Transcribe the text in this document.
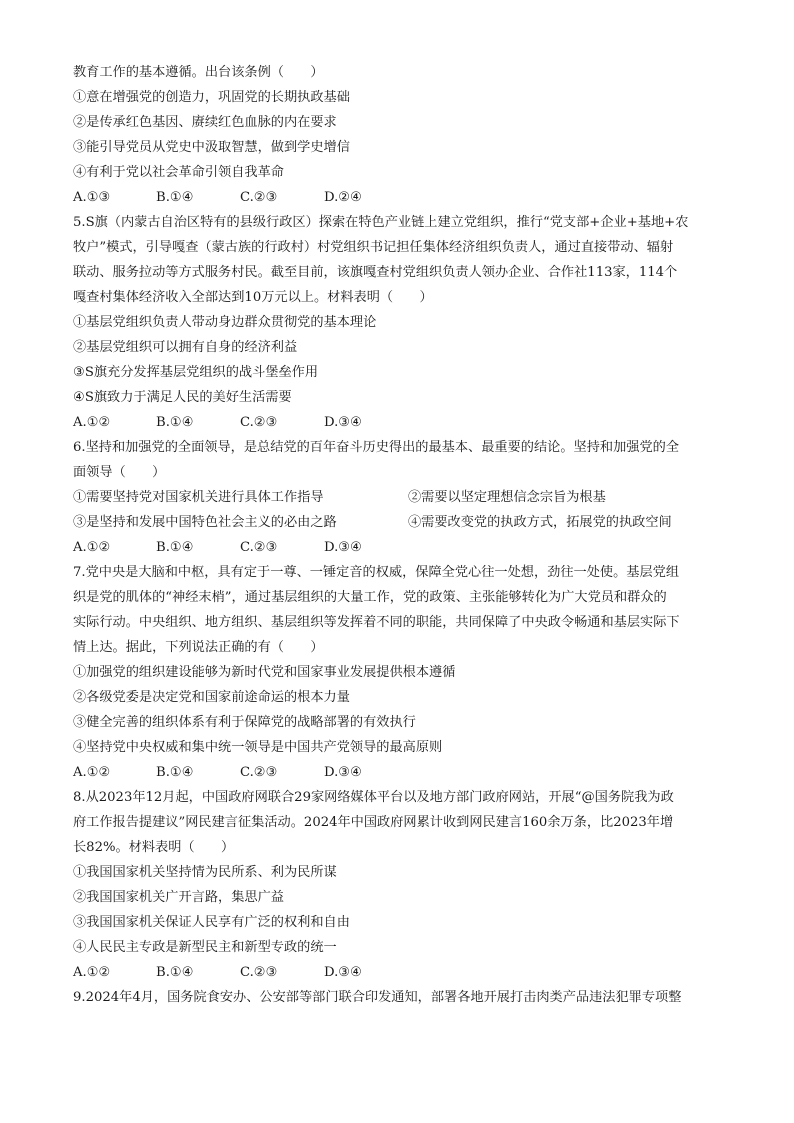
教育工作的基本遵循。出台该条例（　　）
①意在增强党的创造力，巩固党的长期执政基础
②是传承红色基因、赓续红色血脉的内在要求
③能引导党员从党史中汲取智慧，做到学史增信
④有利于党以社会革命引领自我革命
A.①③	B.①④	C.②③	D.②④
5.S旗（内蒙古自治区特有的县级行政区）探索在特色产业链上建立党组织，推行“党支部+企业+基地+农
牧户”模式，引导嘎查（蒙古族的行政村）村党组织书记担任集体经济组织负责人，通过直接带动、辐射
联动、服务拉动等方式服务村民。截至目前，该旗嘎查村党组织负责人领办企业、合作社113家，114个
嘎查村集体经济收入全部达到10万元以上。材料表明（　　）
①基层党组织负责人带动身边群众贯彻党的基本理论
②基层党组织可以拥有自身的经济利益
③S旗充分发挥基层党组织的战斗堡垒作用
④S旗致力于满足人民的美好生活需要
A.①②	B.①④	C.②③	D.③④
6.坚持和加强党的全面领导，是总结党的百年奋斗历史得出的最基本、最重要的结论。坚持和加强党的全
面领导（　　）
①需要坚持党对国家机关进行具体工作指导	②需要以坚定理想信念宗旨为根基
③是坚持和发展中国特色社会主义的必由之路	④需要改变党的执政方式，拓展党的执政空间
A.①②	B.①④	C.②③	D.③④
7.党中央是大脑和中枢，具有定于一尊、一锤定音的权威，保障全党心往一处想，劲往一处使。基层党组
织是党的肌体的“神经末梢”，通过基层组织的大量工作，党的政策、主张能够转化为广大党员和群众的
实际行动。中央组织、地方组织、基层组织等发挥着不同的职能，共同保障了中央政令畅通和基层实际下
情上达。据此，下列说法正确的有（　　）
①加强党的组织建设能够为新时代党和国家事业发展提供根本遵循
②各级党委是决定党和国家前途命运的根本力量
③健全完善的组织体系有利于保障党的战略部署的有效执行
④坚持党中央权威和集中统一领导是中国共产党领导的最高原则
A.①②	B.①④	C.②③	D.③④
8.从2023年12月起，中国政府网联合29家网络媒体平台以及地方部门政府网站，开展“@国务院我为政
府工作报告提建议”网民建言征集活动。2024年中国政府网累计收到网民建言160余万条，比2023年增
长82%。材料表明（　　）
①我国国家机关坚持情为民所系、利为民所谋
②我国国家机关广开言路，集思广益
③我国国家机关保证人民享有广泛的权利和自由
④人民民主专政是新型民主和新型专政的统一
A.①②	B.①④	C.②③	D.③④
9.2024年4月，国务院食安办、公安部等部门联合印发通知，部署各地开展打击肉类产品违法犯罪专项整
